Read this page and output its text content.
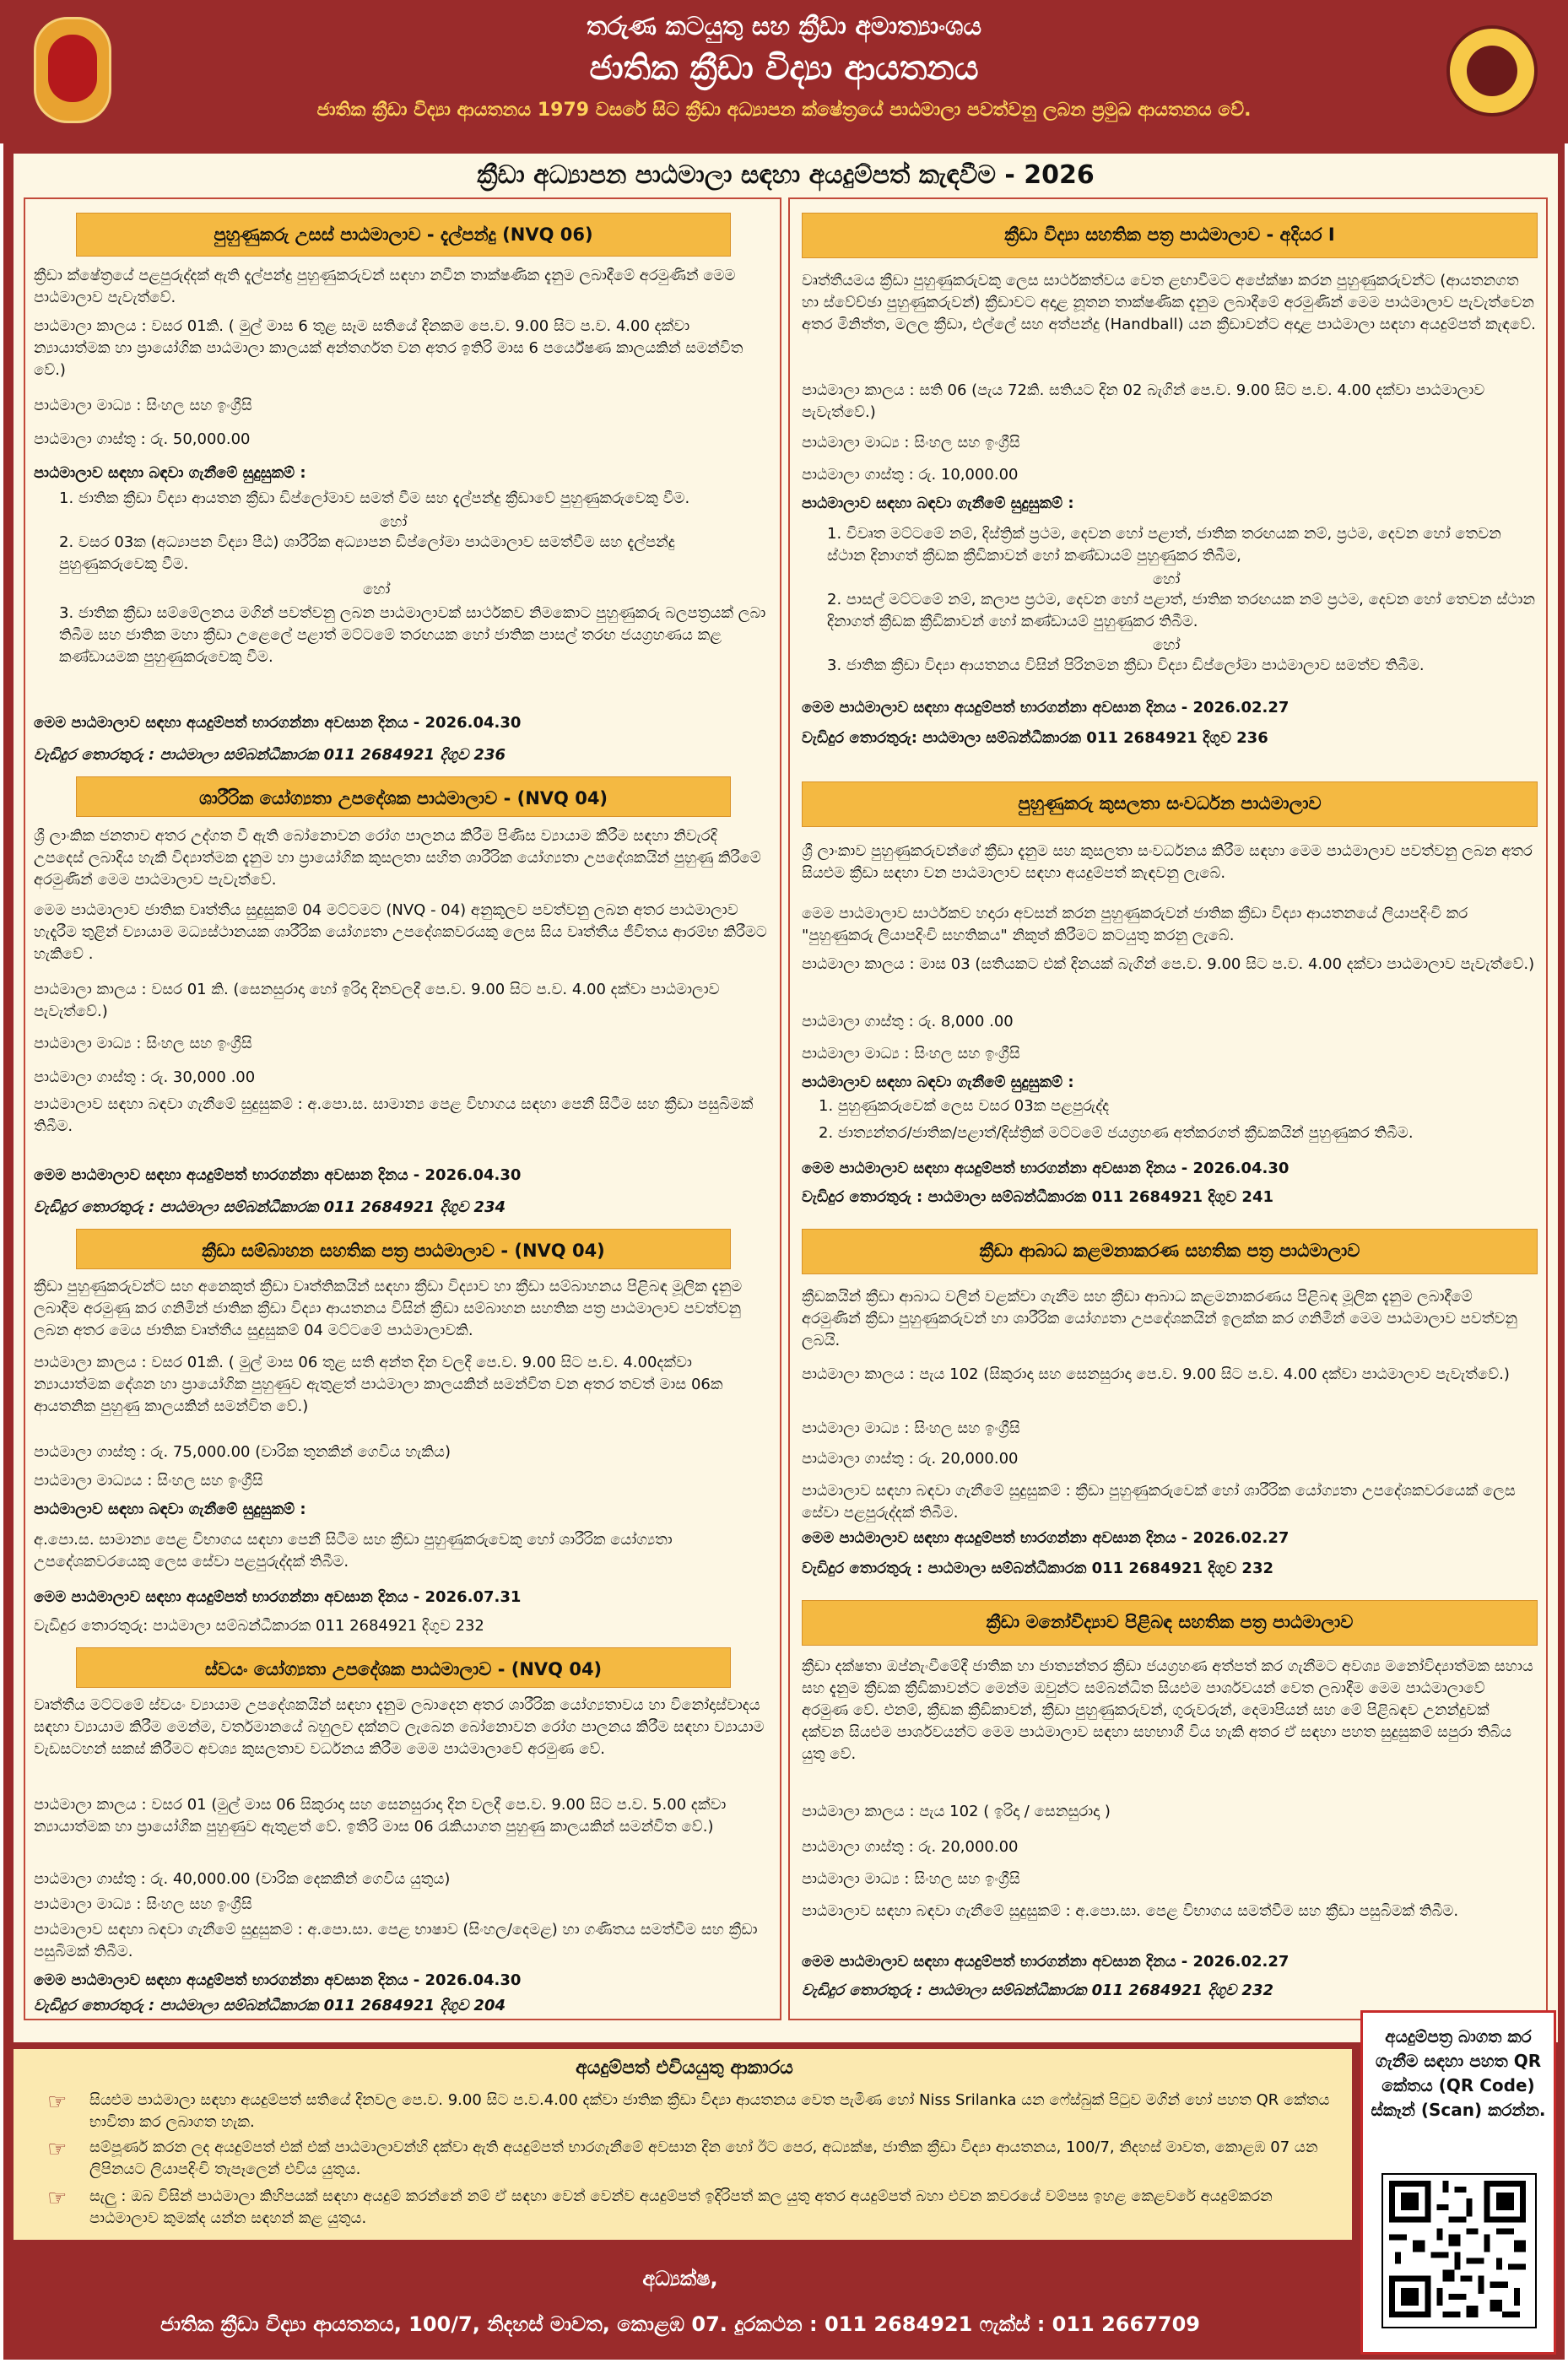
තරුණ කටයුතු සහ ක්‍රීඩා අමාත්‍යාංශය
ජාතික ක්‍රීඩා විද්‍යා ආයතනය
ජාතික ක්‍රීඩා විද්‍යා ආයතනය 1979 වසරේ සිට ක්‍රීඩා අධ්‍යාපන ක්ෂේත්‍රයේ පාඨමාලා පවත්වනු ලබන ප්‍රමුඛ ආයතනය වේ.
ක්‍රීඩා අධ්‍යාපන පාඨමාලා සඳහා අයදුම්පත් කැඳවීම - 2026
පුහුණුකරු උසස් පාඨමාලාව - දැල්පන්දු (NVQ 06)
ක්‍රීඩා ක්ෂේත්‍රයේ පළපුරුද්දක් ඇති දැල්පන්දු පුහුණුකරුවන් සඳහා නවීන තාක්ෂණික දැනුම ලබාදීමේ අරමුණින් මෙම පාඨමාලාව පැවැත්වේ.
පාඨමාලා කාලය : වසර 01කි. ( මුල් මාස 6 තුළ සෑම සතියේ දිනකම පෙ.ව. 9.00 සිට ප.ව. 4.00 දක්වා න්‍යායාත්මක හා ප්‍රායෝගික පාඨමාලා කාලයක් අන්තර්ගත වන අතර ඉතිරි මාස 6 පර්යේෂණ කාලයකින් සමන්විත වේ.)
පාඨමාලා මාධ්‍ය : සිංහල සහ ඉංග්‍රීසි
පාඨමාලා ගාස්තු : රු. 50,000.00
පාඨමාලාව සඳහා බඳවා ගැනීමේ සුදුසුකම් :
1. ජාතික ක්‍රීඩා විද්‍යා ආයතන ක්‍රීඩා ඩිප්ලෝමාව සමත් වීම සහ දැල්පන්දු ක්‍රීඩාවේ පුහුණුකරුවෙකු වීම.
හෝ
2. වසර 03ක (අධ්‍යාපන විද්‍යා පීඨ) ශාරීරික අධ්‍යාපන ඩිප්ලෝමා පාඨමාලාව සමත්වීම සහ දැල්පන්දු පුහුණුකරුවෙකු වීම.
හෝ
3. ජාතික ක්‍රීඩා සම්මේලනය මගින් පවත්වනු ලබන පාඨමාලාවක් සාර්ථකව නිමකොට පුහුණුකරු බලපත්‍රයක් ලබා තිබීම සහ ජාතික මහා ක්‍රීඩා උළෙලේ පළාත් මට්ටමේ තරඟයක හෝ ජාතික පාසල් තරඟ ජයග්‍රහණය කළ කණ්ඩායමක පුහුණුකරුවෙකු වීම.
මෙම පාඨමාලාව සඳහා අයදුම්පත් භාරගන්නා අවසාන දිනය - 2026.04.30
වැඩිදුර තොරතුරු : පාඨමාලා සම්බන්ධීකාරක 011 2684921 දිගුව 236
ශාරීරික යෝග්‍යතා උපදේශක පාඨමාලාව - (NVQ 04)
ශ්‍රී ලාංකික ජනතාව අතර උද්ගත වී ඇති බෝනොවන රෝග පාලනය කිරීම පිණිස ව්‍යායාම කිරීම සඳහා නිවැරදි උපදෙස් ලබාදිය හැකි විද්‍යාත්මක දැනුම හා ප්‍රායෝගික කුසලතා සහිත ශාරීරික යෝග්‍යතා උපදේශකයින් පුහුණු කිරීමේ අරමුණින් මෙම පාඨමාලාව පැවැත්වේ.
මෙම පාඨමාලාව ජාතික වෘත්තීය සුදුසුකම් 04 මට්ටමට (NVQ - 04) අනුකූලව පවත්වනු ලබන අතර පාඨමාලාව හැදෑරීම තුළින් ව්‍යායාම මධ්‍යස්ථානයක ශාරීරික යෝග්‍යතා උපදේශකවරයකු ලෙස සිය වෘත්තීය ජීවිතය ආරම්භ කිරීමට හැකිවේ .
පාඨමාලා කාලය : වසර 01 කි. (සෙනසුරාදා හෝ ඉරිදා දිනවලදී පෙ.ව. 9.00 සිට ප.ව. 4.00 දක්වා පාඨමාලාව පැවැත්වේ.)
පාඨමාලා මාධ්‍ය : සිංහල සහ ඉංග්‍රීසි
පාඨමාලා ගාස්තු : රු. 30,000 .00
පාඨමාලාව සඳහා බඳවා ගැනීමේ සුදුසුකම් : අ.පො.ස. සාමාන්‍ය පෙළ විභාගය සඳහා පෙනී සිටීම සහ ක්‍රීඩා පසුබිමක් තිබීම.
මෙම පාඨමාලාව සඳහා අයදුම්පත් භාරගන්නා අවසාන දිනය - 2026.04.30
වැඩිදුර තොරතුරු : පාඨමාලා සම්බන්ධීකාරක 011 2684921 දිගුව 234
ක්‍රීඩා සම්බාහන සහතික පත්‍ර පාඨමාලාව - (NVQ 04)
ක්‍රීඩා පුහුණුකරුවන්ට සහ අනෙකුත් ක්‍රීඩා වෘත්තිකයින් සඳහා ක්‍රීඩා විද්‍යාව හා ක්‍රීඩා සම්බාහනය පිළිබඳ මූලික දැනුම ලබාදීම අරමුණු කර ගනිමින් ජාතික ක්‍රීඩා විද්‍යා ආයතනය විසින් ක්‍රීඩා සම්බාහන සහතික පත්‍ර පාඨමාලාව පවත්වනු ලබන අතර මෙය ජාතික වෘත්තීය සුදුසුකම් 04 මට්ටමේ පාඨමාලාවකි.
පාඨමාලා කාලය : වසර 01කි. ( මුල් මාස 06 තුළ සති අන්ත දින වලදී පෙ.ව. 9.00 සිට ප.ව. 4.00දක්වා න්‍යායාත්මක දේශන හා ප්‍රායෝගික පුහුණුව ඇතුළත් පාඨමාලා කාලයකින් සමන්විත වන අතර තවත් මාස 06ක ආයතනික පුහුණු කාලයකින් සමන්විත වේ.)
පාඨමාලා ගාස්තු : රු. 75,000.00 (වාරික තුනකින් ගෙවිය හැකිය)
පාඨමාලා මාධ්‍යය : සිංහල සහ ඉංග්‍රීසි
පාඨමාලාව සඳහා බඳවා ගැනීමේ සුදුසුකම් :
අ.පො.ස. සාමාන්‍ය පෙළ විභාගය සඳහා පෙනී සිටීම සහ ක්‍රීඩා පුහුණුකරුවෙකු හෝ ශාරීරික යෝග්‍යතා උපදේශකවරයෙකු ලෙස සේවා පළපුරුද්දක් තිබීම.
මෙම පාඨමාලාව සඳහා අයදුම්පත් භාරගන්නා අවසාන දිනය - 2026.07.31
වැඩිදුර තොරතුරු: පාඨමාලා සම්බන්ධීකාරක 011 2684921 දිගුව 232
ස්වයං යෝග්‍යතා උපදේශක පාඨමාලාව - (NVQ 04)
වෘත්තීය මට්ටමේ ස්වයං ව්‍යායාම උපදේශකයින් සඳහා දැනුම ලබාදෙන අතර ශාරීරික යෝග්‍යතාවය හා විනෝදාස්වාදය සඳහා ව්‍යායාම කිරීම මෙන්ම, වර්තමානයේ බහුලව දක්නට ලැබෙන බෝනොවන රෝග පාලනය කිරීම සඳහා ව්‍යායාම වැඩසටහන් සකස් කිරීමට අවශ්‍ය කුසලතාව වර්ධනය කිරීම මෙම පාඨමාලාවේ අරමුණ වේ.
පාඨමාලා කාලය : වසර 01 (මුල් මාස 06 සිකුරාදා සහ සෙනසුරාදා දින වලදී පෙ.ව. 9.00 සිට ප.ව. 5.00 දක්වා න්‍යායාත්මක හා ප්‍රායෝගික පුහුණුව ඇතුළත් වේ. ඉතිරි මාස 06 රැකියාගත පුහුණු කාලයකින් සමන්විත වේ.)
පාඨමාලා ගාස්තු : රු. 40,000.00 (වාරික දෙකකින් ගෙවිය යුතුය)
පාඨමාලා මාධ්‍ය : සිංහල සහ ඉංග්‍රීසි
පාඨමාලාව සඳහා බඳවා ගැනීමේ සුදුසුකම් : අ.පො.සා. පෙළ භාෂාව (සිංහල/දෙමළ) හා ගණිතය සමත්වීම සහ ක්‍රීඩා පසුබිමක් තිබීම.
මෙම පාඨමාලාව සඳහා අයදුම්පත් භාරගන්නා අවසාන දිනය - 2026.04.30
වැඩිදුර තොරතුරු : පාඨමාලා සම්බන්ධීකාරක 011 2684921 දිගුව 204
ක්‍රීඩා විද්‍යා සහතික පත්‍ර පාඨමාලාව - අදියර I
වෘත්තීයමය ක්‍රීඩා පුහුණුකරුවකු ලෙස සාර්ථකත්වය වෙත ළඟාවීමට අපේක්ෂා කරන පුහුණුකරුවන්ට (ආයතනගත හා ස්වේච්ඡා පුහුණුකරුවන්) ක්‍රීඩාවට අදාළ නූතන තාක්ෂණික දැනුම ලබාදීමේ අරමුණින් මෙම පාඨමාලාව පැවැත්වෙන අතර මිනිත්ත, මලල ක්‍රීඩා, එල්ලේ සහ අත්පන්දු (Handball) යන ක්‍රීඩාවන්ට අදාළ පාඨමාලා සඳහා අයදුම්පත් කැඳවේ.
පාඨමාලා කාලය : සති 06 (පැය 72කි. සතියට දින 02 බැගින් පෙ.ව. 9.00 සිට ප.ව. 4.00 දක්වා පාඨමාලාව පැවැත්වේ.)
පාඨමාලා මාධ්‍ය : සිංහල සහ ඉංග්‍රීසි
පාඨමාලා ගාස්තු : රු. 10,000.00
පාඨමාලාව සඳහා බඳවා ගැනීමේ සුදුසුකම් :
1. විවෘත මට්ටමේ නම්, දිස්ත්‍රික් ප්‍රථම, දෙවන හෝ පළාත්, ජාතික තරඟයක නම්, ප්‍රථම, දෙවන හෝ තෙවන ස්ථාන දිනාගත් ක්‍රීඩක ක්‍රීඩිකාවන් හෝ කණ්ඩායම් පුහුණුකර තිබීම,
හෝ
2. පාසල් මට්ටමේ නම්, කලාප ප්‍රථම, දෙවන හෝ පළාත්, ජාතික තරඟයක නම් ප්‍රථම, දෙවන හෝ තෙවන ස්ථාන දිනාගත් ක්‍රීඩක ක්‍රීඩිකාවන් හෝ කණ්ඩායම් පුහුණුකර තිබීම.
හෝ
3. ජාතික ක්‍රීඩා විද්‍යා ආයතනය විසින් පිරිනමන ක්‍රීඩා විද්‍යා ඩිප්ලෝමා පාඨමාලාව සමත්ව තිබීම.
මෙම පාඨමාලාව සඳහා අයදුම්පත් භාරගන්නා අවසාන දිනය - 2026.02.27
වැඩිදුර තොරතුරු: පාඨමාලා සම්බන්ධීකාරක 011 2684921 දිගුව 236
පුහුණුකරු කුසලතා සංවර්ධන පාඨමාලාව
ශ්‍රී ලාංකාව පුහුණුකරුවන්ගේ ක්‍රීඩා දැනුම සහ කුසලතා සංවර්ධනය කිරීම සඳහා මෙම පාඨමාලාව පවත්වනු ලබන අතර සියළුම ක්‍රීඩා සඳහා වන පාඨමාලාව සඳහා අයදුම්පත් කැඳවනු ලැබේ.
මෙම පාඨමාලාව සාර්ථකව හදාරා අවසන් කරන පුහුණුකරුවන් ජාතික ක්‍රීඩා විද්‍යා ආයතනයේ ලියාපදිංචි කර "පුහුණුකරු ලියාපදිංචි සහතිකය" නිකුත් කිරීමට කටයුතු කරනු ලැබේ.
පාඨමාලා කාලය : මාස 03 (සතියකට එක් දිනයක් බැගින් පෙ.ව. 9.00 සිට ප.ව. 4.00 දක්වා පාඨමාලාව පැවැත්වේ.)
පාඨමාලා ගාස්තු : රු. 8,000 .00
පාඨමාලා මාධ්‍ය : සිංහල සහ ඉංග්‍රීසි
පාඨමාලාව සඳහා බඳවා ගැනීමේ සුදුසුකම් :
1. පුහුණුකරුවෙක් ලෙස වසර 03ක පළපුරුද්ද
2. ජාත්‍යන්තර/ජාතික/පළාත්/දිස්ත්‍රික් මට්ටමේ ජයග්‍රහණ අත්කරගත් ක්‍රීඩකයින් පුහුණුකර තිබීම.
මෙම පාඨමාලාව සඳහා අයදුම්පත් භාරගන්නා අවසාන දිනය - 2026.04.30
වැඩිදුර තොරතුරු : පාඨමාලා සම්බන්ධීකාරක 011 2684921 දිගුව 241
ක්‍රීඩා ආබාධ කළමනාකරණ සහතික පත්‍ර පාඨමාලාව
ක්‍රීඩකයින් ක්‍රීඩා ආබාධ වලින් වළක්වා ගැනීම සහ ක්‍රීඩා ආබාධ කළමනාකරණය පිළිබඳ මූලික දැනුම ලබාදීමේ අරමුණින් ක්‍රීඩා පුහුණුකරුවන් හා ශාරීරික යෝග්‍යතා උපදේශකයින් ඉලක්ක කර ගනිමින් මෙම පාඨමාලාව පවත්වනු ලබයි.
පාඨමාලා කාලය : පැය 102 (සිකුරාදා සහ සෙනසුරාදා පෙ.ව. 9.00 සිට ප.ව. 4.00 දක්වා පාඨමාලාව පැවැත්වේ.)
පාඨමාලා මාධ්‍ය : සිංහල සහ ඉංග්‍රීසි
පාඨමාලා ගාස්තු : රු. 20,000.00
පාඨමාලාව සඳහා බඳවා ගැනීමේ සුදුසුකම් : ක්‍රීඩා පුහුණුකරුවෙක් හෝ ශාරීරික යෝග්‍යතා උපදේශකවරයෙක් ලෙස සේවා පළපුරුද්දක් තිබීම.
මෙම පාඨමාලාව සඳහා අයදුම්පත් භාරගන්නා අවසාන දිනය - 2026.02.27
වැඩිදුර තොරතුරු : පාඨමාලා සම්බන්ධීකාරක 011 2684921 දිගුව 232
ක්‍රීඩා මනෝවිද්‍යාව පිළිබඳ සහතික පත්‍ර පාඨමාලාව
ක්‍රීඩා දක්ෂතා ඔප්නැංවීමේදී ජාතික හා ජාත්‍යන්තර ක්‍රීඩා ජයග්‍රහණ අත්පත් කර ගැනීමට අවශ්‍ය මනෝවිද්‍යාත්මක සහාය සහ දැනුම ක්‍රීඩක ක්‍රීඩිකාවන්ට මෙන්ම ඔවුන්ට සම්බන්ධිත සියළුම පාර්ශවයන් වෙත ලබාදීම මෙම පාඨමාලාවේ අරමුණ වේ. එනම්, ක්‍රීඩක ක්‍රීඩිකාවන්, ක්‍රීඩා පුහුණුකරුවන්, ගුරුවරුන්, දෙමාපියන් සහ මේ පිළිබඳව උනන්දුවක් දක්වන සියළුම පාර්ශවයන්ට මෙම පාඨමාලාව සඳහා සහභාගී විය හැකි අතර ඒ සඳහා පහත සුදුසුකම් සපුරා තිබිය යුතු වේ.
පාඨමාලා කාලය : පැය 102 ( ඉරිදා / සෙනසුරාදා )
පාඨමාලා ගාස්තු : රු. 20,000.00
පාඨමාලා මාධ්‍ය : සිංහල සහ ඉංග්‍රීසි
පාඨමාලාව සඳහා බඳවා ගැනීමේ සුදුසුකම් : අ.පො.සා. පෙළ විභාගය සමත්වීම සහ ක්‍රීඩා පසුබිමක් තිබීම.
මෙම පාඨමාලාව සඳහා අයදුම්පත් භාරගන්නා අවසාන දිනය - 2026.02.27
වැඩිදුර තොරතුරු : පාඨමාලා සම්බන්ධීකාරක 011 2684921 දිගුව 232
අයදුම්පත් එවියයුතු ආකාරය
☞ සියළුම පාඨමාලා සඳහා අයදුම්පත් සතියේ දිනවල පෙ.ව. 9.00 සිට ප.ව.4.00 දක්වා ජාතික ක්‍රීඩා විද්‍යා ආයතනය වෙත පැමිණ හෝ Niss Srilanka යන ෆේස්බුක් පිටුව මගින් හෝ පහත QR කේතය භාවිතා කර ලබාගත හැක.
☞ සම්පූර්ණ කරන ලද අයදුම්පත් එක් එක් පාඨමාලාවන්හි දක්වා ඇති අයදුම්පත් භාරගැනීමේ අවසාන දින හෝ ඊට පෙර, අධ්‍යක්ෂ, ජාතික ක්‍රීඩා විද්‍යා ආයතනය, 100/7, නිදහස් මාවත, කොළඹ 07 යන ලිපිනයට ලියාපදිංචි තැපෑලෙන් එවිය යුතුය.
☞ සැලු : ඔබ විසින් පාඨමාලා කිහිපයක් සඳහා අයදුම් කරන්නේ නම් ඒ සඳහා වෙන් වෙන්ව අයදුම්පත් ඉදිරිපත් කල යුතු අතර අයදුම්පත් බහා එවන කවරයේ වම්පස ඉහළ කෙළවරේ අයදුම්කරන පාඨමාලාව කුමක්ද යන්න සඳහන් කළ යුතුය.
අයදුම්පත්‍ර බාගත කර ගැනීම සඳහා පහත QR කේතය (QR Code) ස්කෑන් (Scan) කරන්න.
අධ්‍යක්ෂ,
ජාතික ක්‍රීඩා විද්‍යා ආයතනය, 100/7, නිදහස් මාවත, කොළඹ 07. දුරකථන : 011 2684921 ෆැක්ස් : 011 2667709
